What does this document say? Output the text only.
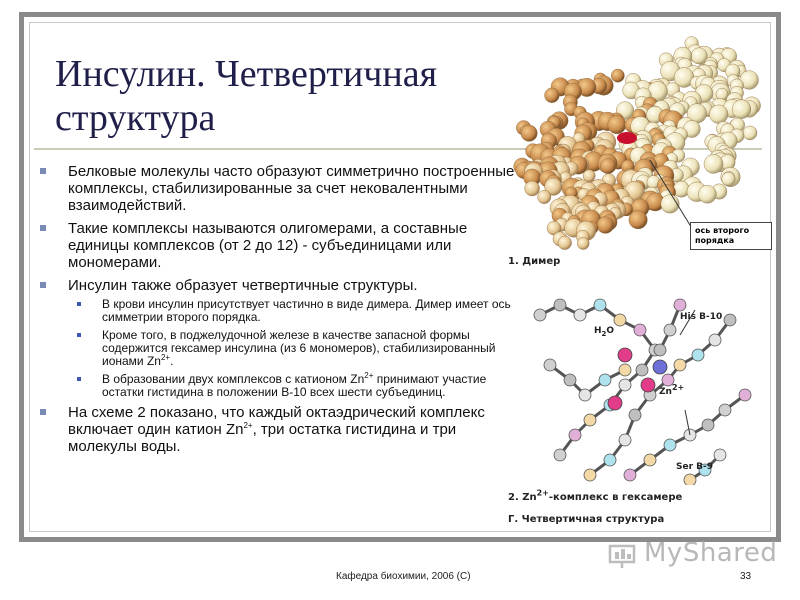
Инсулин. Четвертичная структура
ось второго порядка
1. Димер
His B-10
$H_2O$
$Zn^{2+}$
Ser B-9
2. $Zn^{2+}$-комплекс в гексамере
Г. Четвертичная структура
Белковые молекулы часто образуют симметрично построенные комплексы, стабилизированные за счет нековалентными взаимодействий.
Такие комплексы называются олигомерами, а составные единицы комплексов (от 2 до 12) - субъединицами или мономерами.
Инсулин также образует четвертичные структуры.
В крови инсулин присутствует частично в виде димера. Димер имеет ось симметрии второго порядка.
Кроме того, в поджелудочной железе в качестве запасной формы содержится гексамер инсулина (из 6 мономеров), стабилизированный ионами $Zn^{2+}$.
В образовании двух комплексов с катионом $Zn^{2+}$ принимают участие остатки гистидина в положении В-10 всех шести субъединиц.
На схеме 2 показано, что каждый октаэдрический комплекс включает один катион $Zn^{2+}$, три остатка гистидина и три молекулы воды.
Кафедра биохимии, 2006 (С)	33
MyShared
